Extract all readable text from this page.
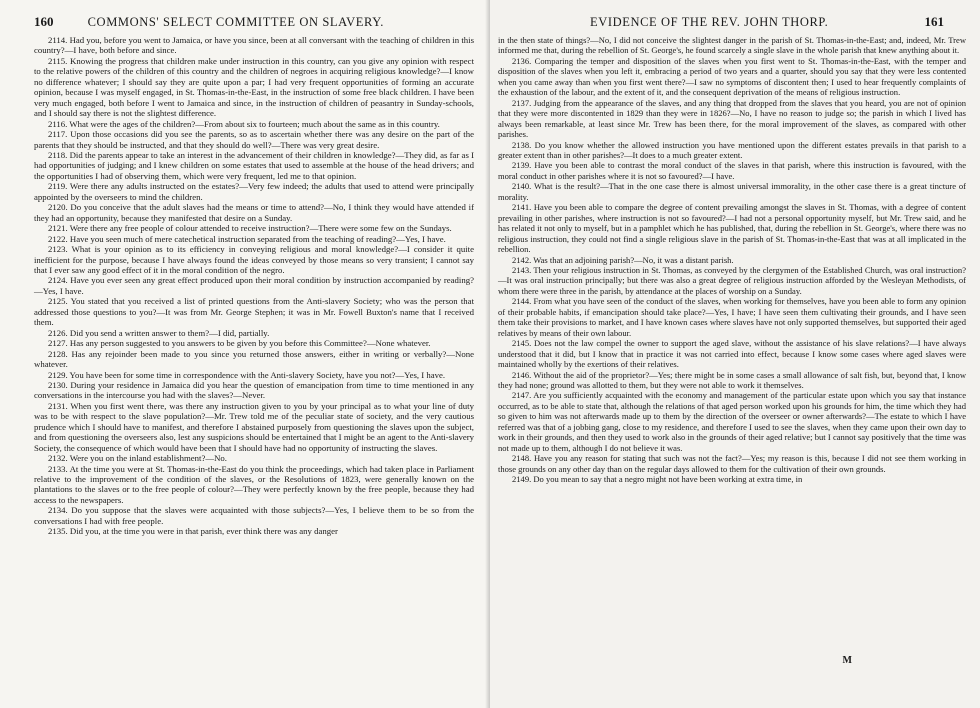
160	COMMONS' SELECT COMMITTEE ON SLAVERY.

2114. Had you, before you went to Jamaica, or have you since, been at all conversant with the teaching of children in this country?—I have, both before and since.

2115. Knowing the progress that children make under instruction in this country, can you give any opinion with respect to the relative powers of the children of this country and the children of negroes in acquiring religious knowledge?—I know no difference whatever; I should say they are quite upon a par; I had very frequent opportunities of forming an accurate opinion, because I was myself engaged, in St. Thomas-in-the-East, in the instruction of some free black children. I have been very much engaged, both before I went to Jamaica and since, in the instruction of children of peasantry in Sunday-schools, and I should say there is not the slightest difference.

2116. What were the ages of the children?—From about six to fourteen; much about the same as in this country.

2117. Upon those occasions did you see the parents, so as to ascertain whether there was any desire on the part of the parents that they should be instructed, and that they should do well?—There was very great desire.

2118. Did the parents appear to take an interest in the advancement of their children in knowledge?—They did, as far as I had opportunities of judging; and I knew children on some estates that used to assemble at the house of the head drivers; and the opportunities I had of observing them, which were very frequent, led me to that opinion.

2119. Were there any adults instructed on the estates?—Very few indeed; the adults that used to attend were principally appointed by the overseers to mind the children.

2120. Do you conceive that the adult slaves had the means or time to attend?—No, I think they would have attended if they had an opportunity, because they manifested that desire on a Sunday.

2121. Were there any free people of colour attended to receive instruction?—There were some few on the Sundays.

2122. Have you seen much of mere catechetical instruction separated from the teaching of reading?—Yes, I have.

2123. What is your opinion as to its efficiency in conveying religious and moral knowledge?—I consider it quite inefficient for the purpose, because I have always found the ideas conveyed by those means so very transient; I cannot say that I ever saw any good effect of it in the moral condition of the negro.

2124. Have you ever seen any great effect produced upon their moral condition by instruction accompanied by reading?—Yes, I have.

2125. You stated that you received a list of printed questions from the Anti-slavery Society; who was the person that addressed those questions to you?—It was from Mr. George Stephen; it was in Mr. Fowell Buxton's name that I received them.

2126. Did you send a written answer to them?—I did, partially.

2127. Has any person suggested to you answers to be given by you before this Committee?—None whatever.

2128. Has any rejoinder been made to you since you returned those answers, either in writing or verbally?—None whatever.

2129. You have been for some time in correspondence with the Anti-slavery Society, have you not?—Yes, I have.

2130. During your residence in Jamaica did you hear the question of emancipation from time to time mentioned in any conversations in the intercourse you had with the slaves?—Never.

2131. When you first went there, was there any instruction given to you by your principal as to what your line of duty was to be with respect to the slave population?—Mr. Trew told me of the peculiar state of society, and the very cautious prudence which I should have to manifest, and therefore I abstained purposely from questioning the slaves upon the subject, and from questioning the overseers also, lest any suspicions should be entertained that I might be an agent to the Anti-slavery Society, the consequence of which would have been that I should have had no opportunity of instructing the slaves.

2132. Were you on the inland establishment?—No.

2133. At the time you were at St. Thomas-in-the-East do you think the proceedings, which had taken place in Parliament relative to the improvement of the condition of the slaves, or the Resolutions of 1823, were generally known on the plantations to the slaves or to the free people of colour?—They were perfectly known by the free people, because they had access to the newspapers.

2134. Do you suppose that the slaves were acquainted with those subjects?—Yes, I believe them to be so from the conversations I had with free people.

2135. Did you, at the time you were in that parish, ever think there was any danger

EVIDENCE OF THE REV. JOHN THORP.	161

in the then state of things?—No, I did not conceive the slightest danger in the parish of St. Thomas-in-the-East; and, indeed, Mr. Trew informed me that, during the rebellion of St. George's, he found scarcely a single slave in the whole parish that knew anything about it.

2136. Comparing the temper and disposition of the slaves when you first went to St. Thomas-in-the-East, with the temper and disposition of the slaves when you left it, embracing a period of two years and a quarter, should you say that they were less contented when you came away than when you first went there?—I saw no symptoms of discontent then; I used to hear frequently complaints of the exhaustion of the labour, and the extent of it, and the consequent deprivation of the means of religious instruction.

2137. Judging from the appearance of the slaves, and any thing that dropped from the slaves that you heard, you are not of opinion that they were more discontented in 1829 than they were in 1826?—No, I have no reason to judge so; the parish in which I lived has always been remarkable, at least since Mr. Trew has been there, for the moral improvement of the slaves, as compared with other parishes.

2138. Do you know whether the allowed instruction you have mentioned upon the different estates prevails in that parish to a greater extent than in other parishes?—It does to a much greater extent.

2139. Have you been able to contrast the moral conduct of the slaves in that parish, where this instruction is favoured, with the moral conduct in other parishes where it is not so favoured?—I have.

2140. What is the result?—That in the one case there is almost universal immorality, in the other case there is a great tincture of morality.

2141. Have you been able to compare the degree of content prevailing amongst the slaves in St. Thomas, with a degree of content prevailing in other parishes, where instruction is not so favoured?—I had not a personal opportunity myself, but Mr. Trew said, and he has related it not only to myself, but in a pamphlet which he has published, that, during the rebellion in St. George's, where there was no religious instruction, they could not find a single religious slave in the parish of St. Thomas-in-the-East that was at all implicated in the rebellion.

2142. Was that an adjoining parish?—No, it was a distant parish.

2143. Then your religious instruction in St. Thomas, as conveyed by the clergymen of the Established Church, was oral instruction?—It was oral instruction principally; but there was also a great degree of religious instruction afforded by the Wesleyan Methodists, of whom there were three in the parish, by attendance at the places of worship on a Sunday.

2144. From what you have seen of the conduct of the slaves, when working for themselves, have you been able to form any opinion of their probable habits, if emancipation should take place?—Yes, I have; I have seen them cultivating their grounds, and I have seen them take their provisions to market, and I have known cases where slaves have not only supported themselves, but supported their aged relatives by means of their own labour.

2145. Does not the law compel the owner to support the aged slave, without the assistance of his slave relations?—I have always understood that it did, but I know that in practice it was not carried into effect, because I know some cases where aged slaves were maintained wholly by the exertions of their relatives.

2146. Without the aid of the proprietor?—Yes; there might be in some cases a small allowance of salt fish, but, beyond that, I know they had none; ground was allotted to them, but they were not able to work it themselves.

2147. Are you sufficiently acquainted with the economy and management of the particular estate upon which you say that instance occurred, as to be able to state that, although the relations of that aged person worked upon his grounds for him, the time which they had so given to him was not afterwards made up to them by the direction of the overseer or owner afterwards?—The estate to which I have referred was that of a jobbing gang, close to my residence, and therefore I used to see the slaves, when they came upon their own day to work in their grounds, and then they used to work also in the grounds of their aged relative; but I cannot say positively that the time was not made up to them, although I do not believe it was.

2148. Have you any reason for stating that such was not the fact?—Yes; my reason is this, because I did not see them working in those grounds on any other day than on the regular days allowed to them for the cultivation of their own grounds.

2149. Do you mean to say that a negro might not have been working at extra time, in

M
